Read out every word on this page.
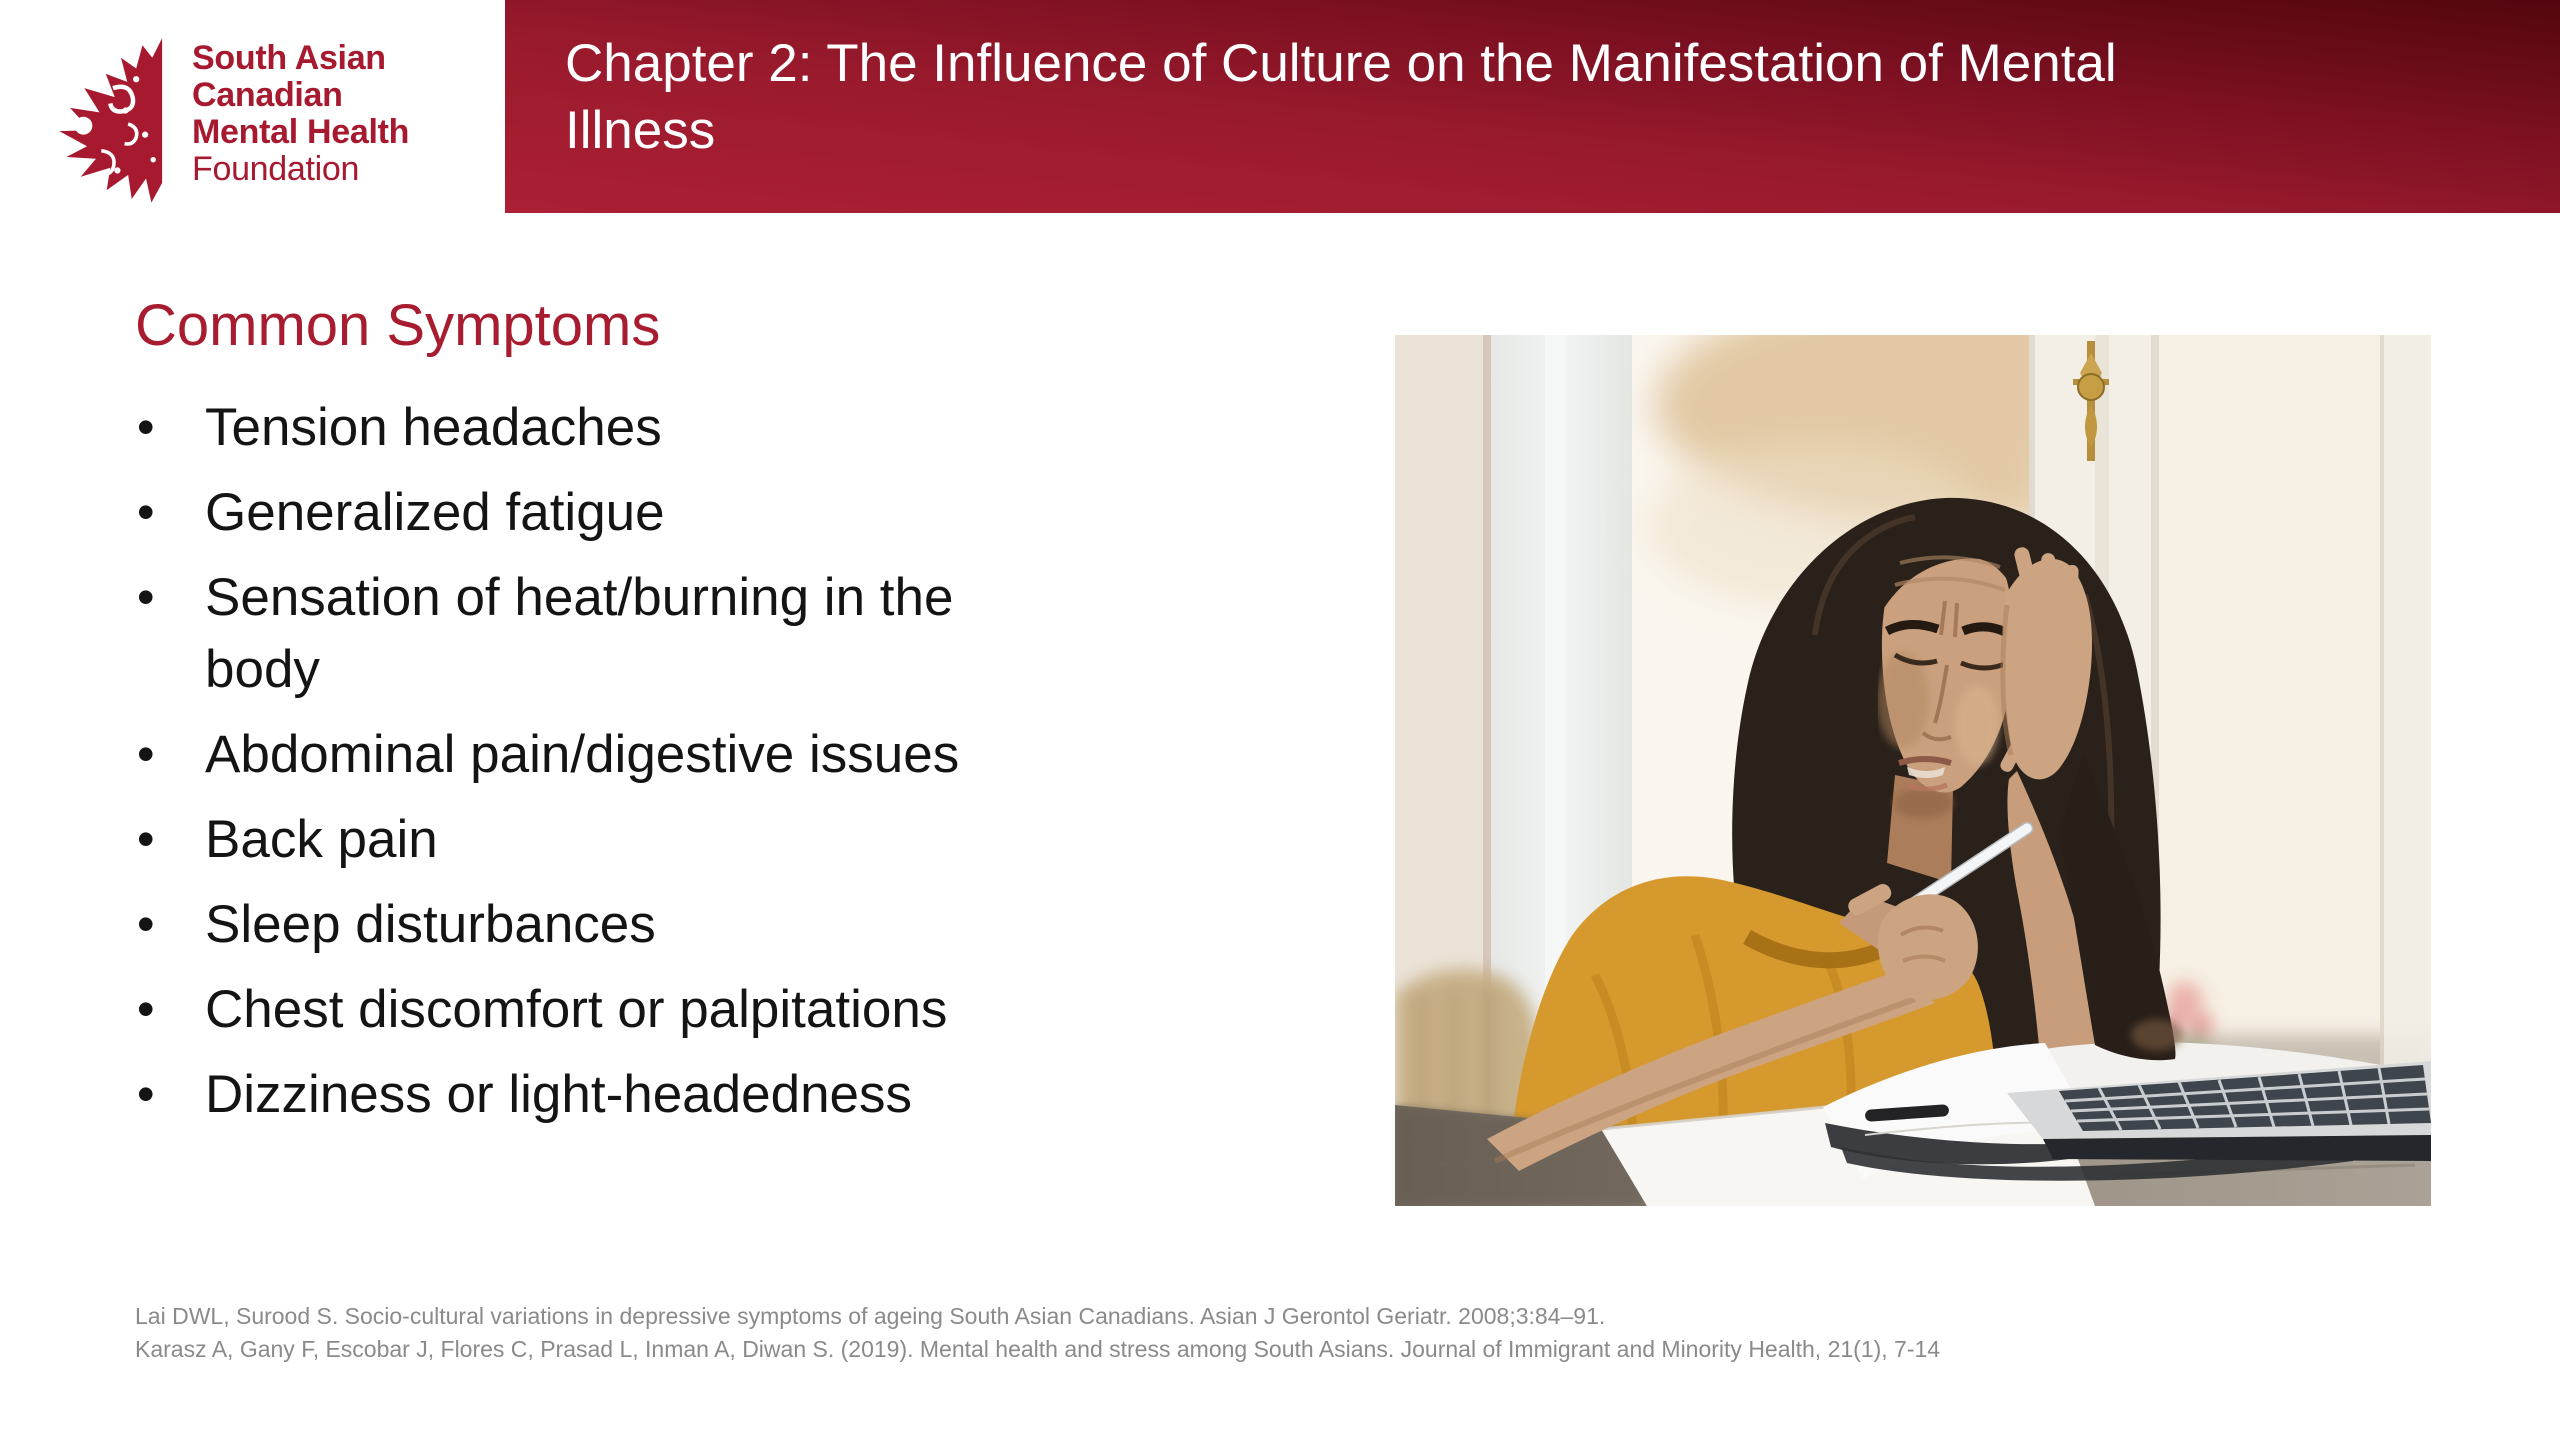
South Asian
Canadian
Mental Health
Foundation
Chapter 2: The Influence of Culture on the Manifestation of Mental Illness
Common Symptoms
• Tension headaches
• Generalized fatigue
• Sensation of heat/burning in the body
• Abdominal pain/digestive issues
• Back pain
• Sleep disturbances
• Chest discomfort or palpitations
• Dizziness or light-headedness
Lai DWL, Surood S. Socio-cultural variations in depressive symptoms of ageing South Asian Canadians. Asian J Gerontol Geriatr. 2008;3:84–91.
Karasz A, Gany F, Escobar J, Flores C, Prasad L, Inman A, Diwan S. (2019). Mental health and stress among South Asians. Journal of Immigrant and Minority Health, 21(1), 7-14
